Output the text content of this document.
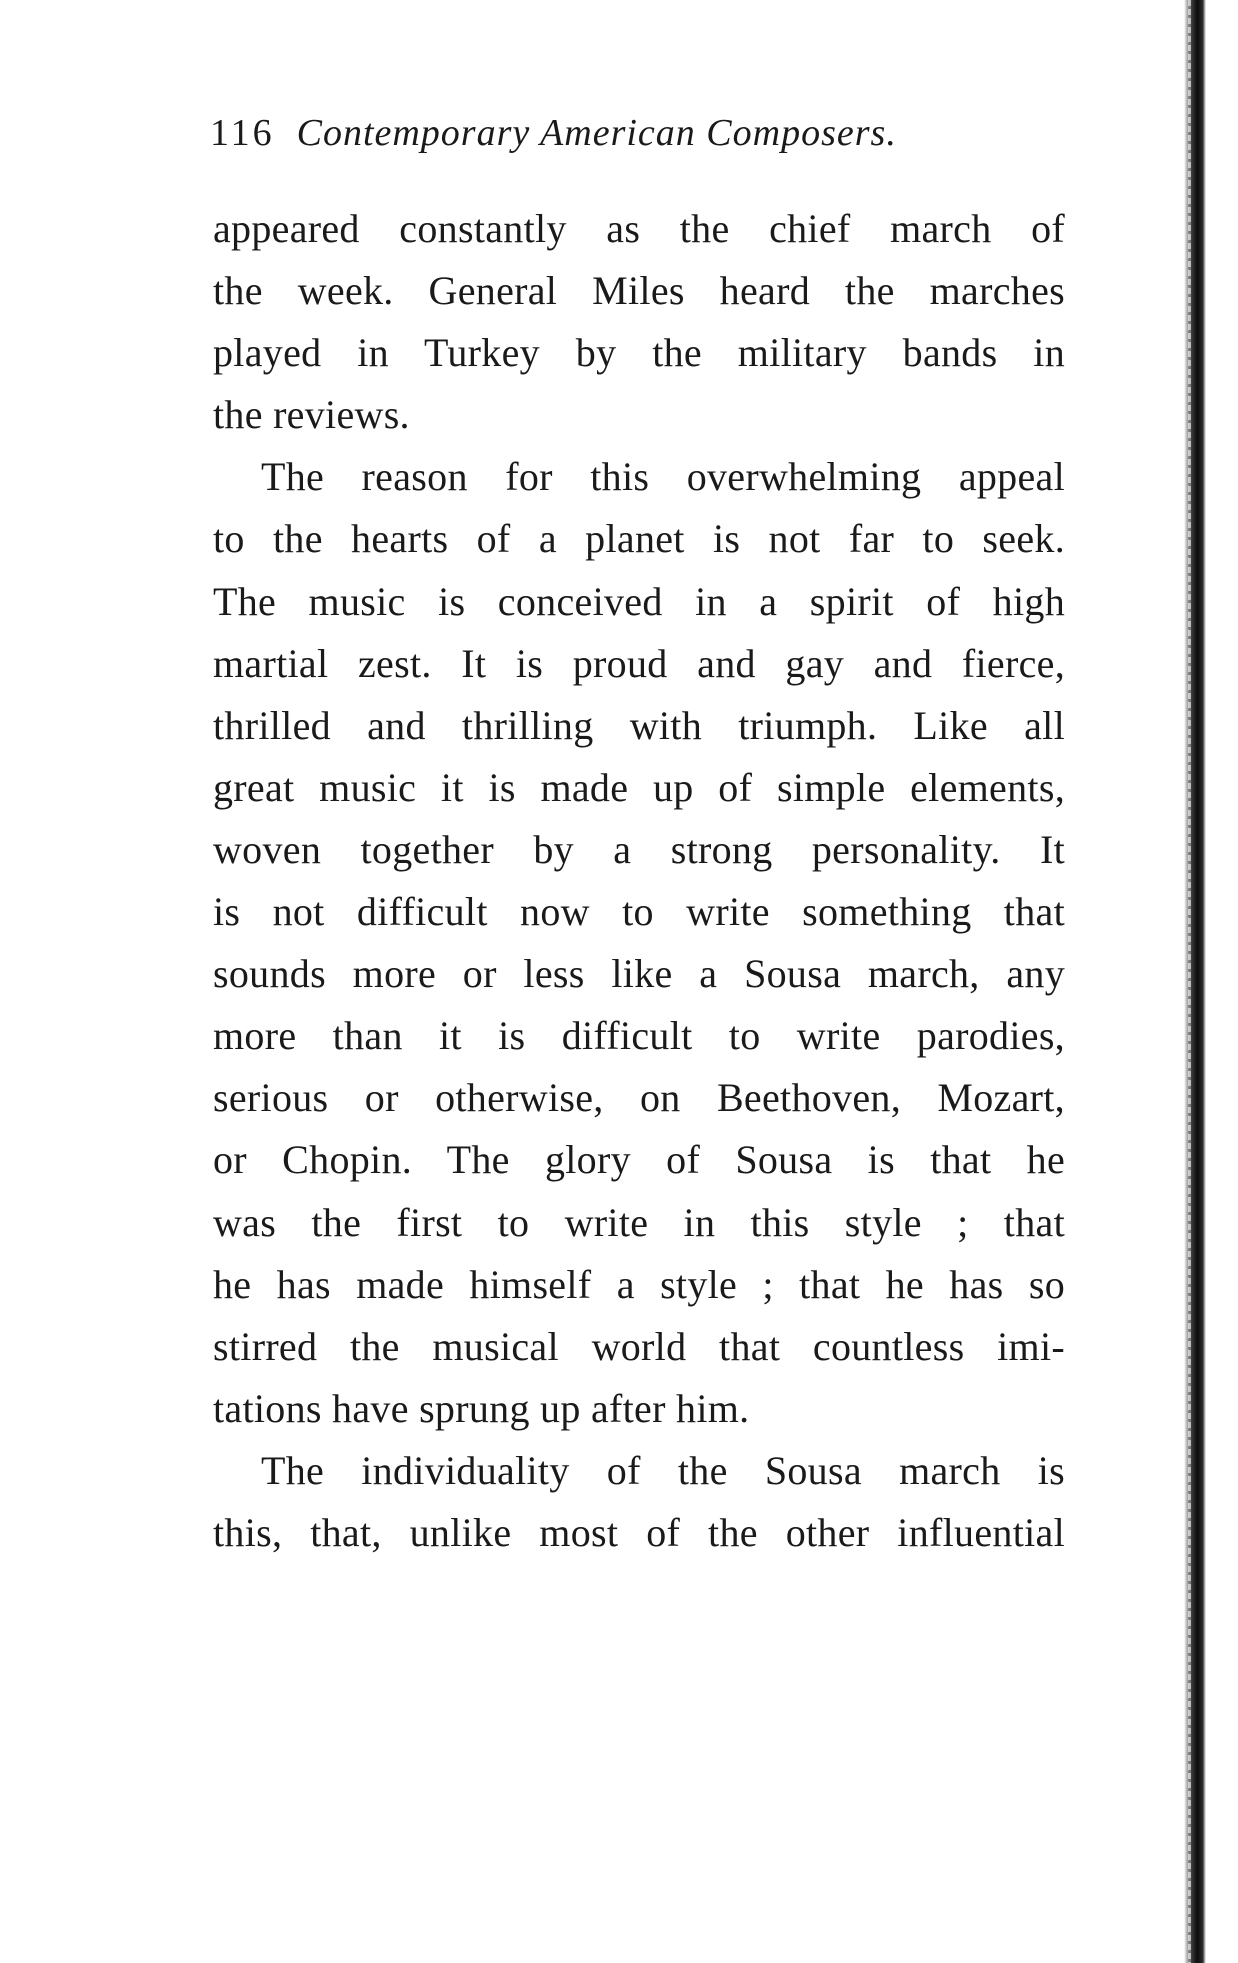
116 Contemporary American Composers.
appeared constantly as the chief march of
the week. General Miles heard the marches
played in Turkey by the military bands in
the reviews.
The reason for this overwhelming appeal
to the hearts of a planet is not far to seek.
The music is conceived in a spirit of high
martial zest. It is proud and gay and fierce,
thrilled and thrilling with triumph. Like all
great music it is made up of simple elements,
woven together by a strong personality. It
is not difficult now to write something that
sounds more or less like a Sousa march, any
more than it is difficult to write parodies,
serious or otherwise, on Beethoven, Mozart,
or Chopin. The glory of Sousa is that he
was the first to write in this style ; that
he has made himself a style ; that he has so
stirred the musical world that countless imi-
tations have sprung up after him.
The individuality of the Sousa march is
this, that, unlike most of the other influential
